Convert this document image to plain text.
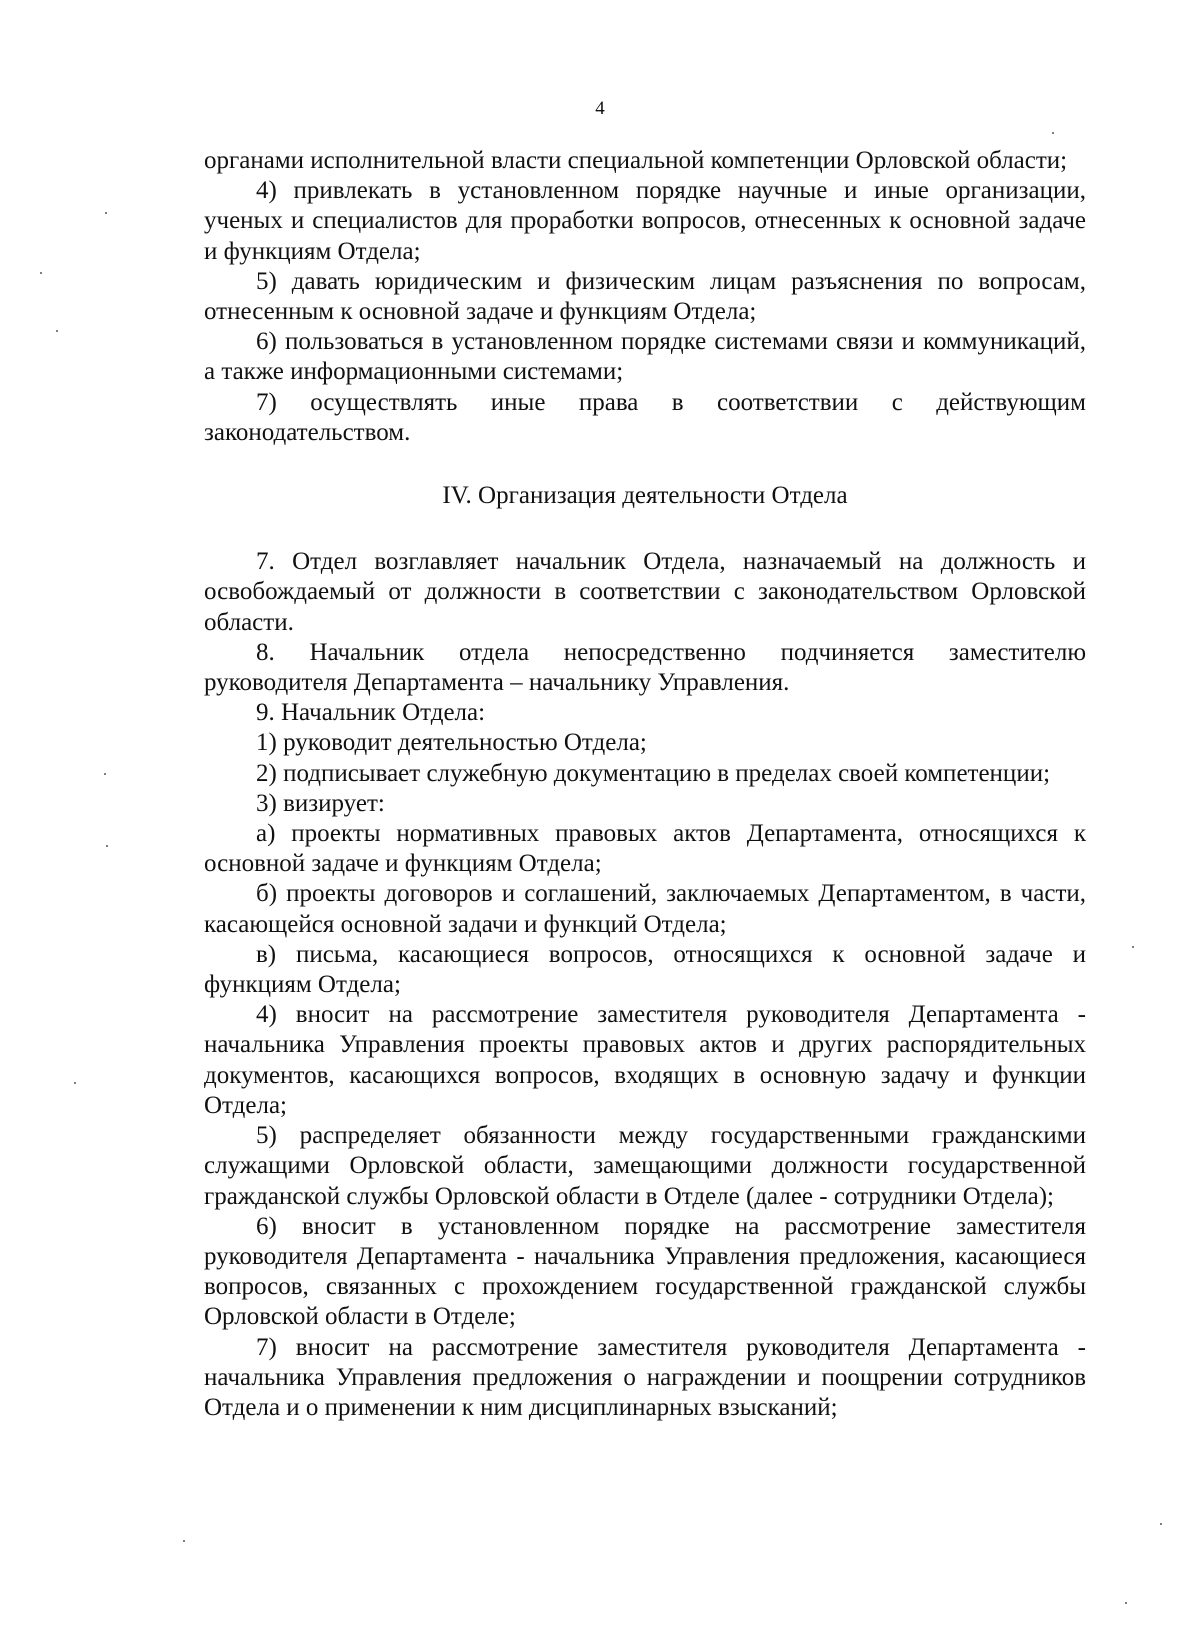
4

органами исполнительной власти специальной компетенции Орловской области;

4) привлекать в установленном порядке научные и иные организации, ученых и специалистов для проработки вопросов, отнесенных к основной задаче и функциям Отдела;

5) давать юридическим и физическим лицам разъяснения по вопросам, отнесенным к основной задаче и функциям Отдела;

6) пользоваться в установленном порядке системами связи и коммуникаций, а также информационными системами;

7) осуществлять иные права в соответствии с действующим законодательством.

IV. Организация деятельности Отдела

7. Отдел возглавляет начальник Отдела, назначаемый на должность и освобождаемый от должности в соответствии с законодательством Орловской области.

8. Начальник отдела непосредственно подчиняется заместителю руководителя Департамента – начальнику Управления.

9. Начальник Отдела:

1) руководит деятельностью Отдела;

2) подписывает служебную документацию в пределах своей компетенции;

3) визирует:

а) проекты нормативных правовых актов Департамента, относящихся к основной задаче и функциям Отдела;

б) проекты договоров и соглашений, заключаемых Департаментом, в части, касающейся основной задачи и функций Отдела;

в) письма, касающиеся вопросов, относящихся к основной задаче и функциям Отдела;

4) вносит на рассмотрение заместителя руководителя Департамента - начальника Управления проекты правовых актов и других распорядительных документов, касающихся вопросов, входящих в основную задачу и функции Отдела;

5) распределяет обязанности между государственными гражданскими служащими Орловской области, замещающими должности государственной гражданской службы Орловской области в Отделе (далее - сотрудники Отдела);

6) вносит в установленном порядке на рассмотрение заместителя руководителя Департамента - начальника Управления предложения, касающиеся вопросов, связанных с прохождением государственной гражданской службы Орловской области в Отделе;

7) вносит на рассмотрение заместителя руководителя Департамента - начальника Управления предложения о награждении и поощрении сотрудников Отдела и о применении к ним дисциплинарных взысканий;
